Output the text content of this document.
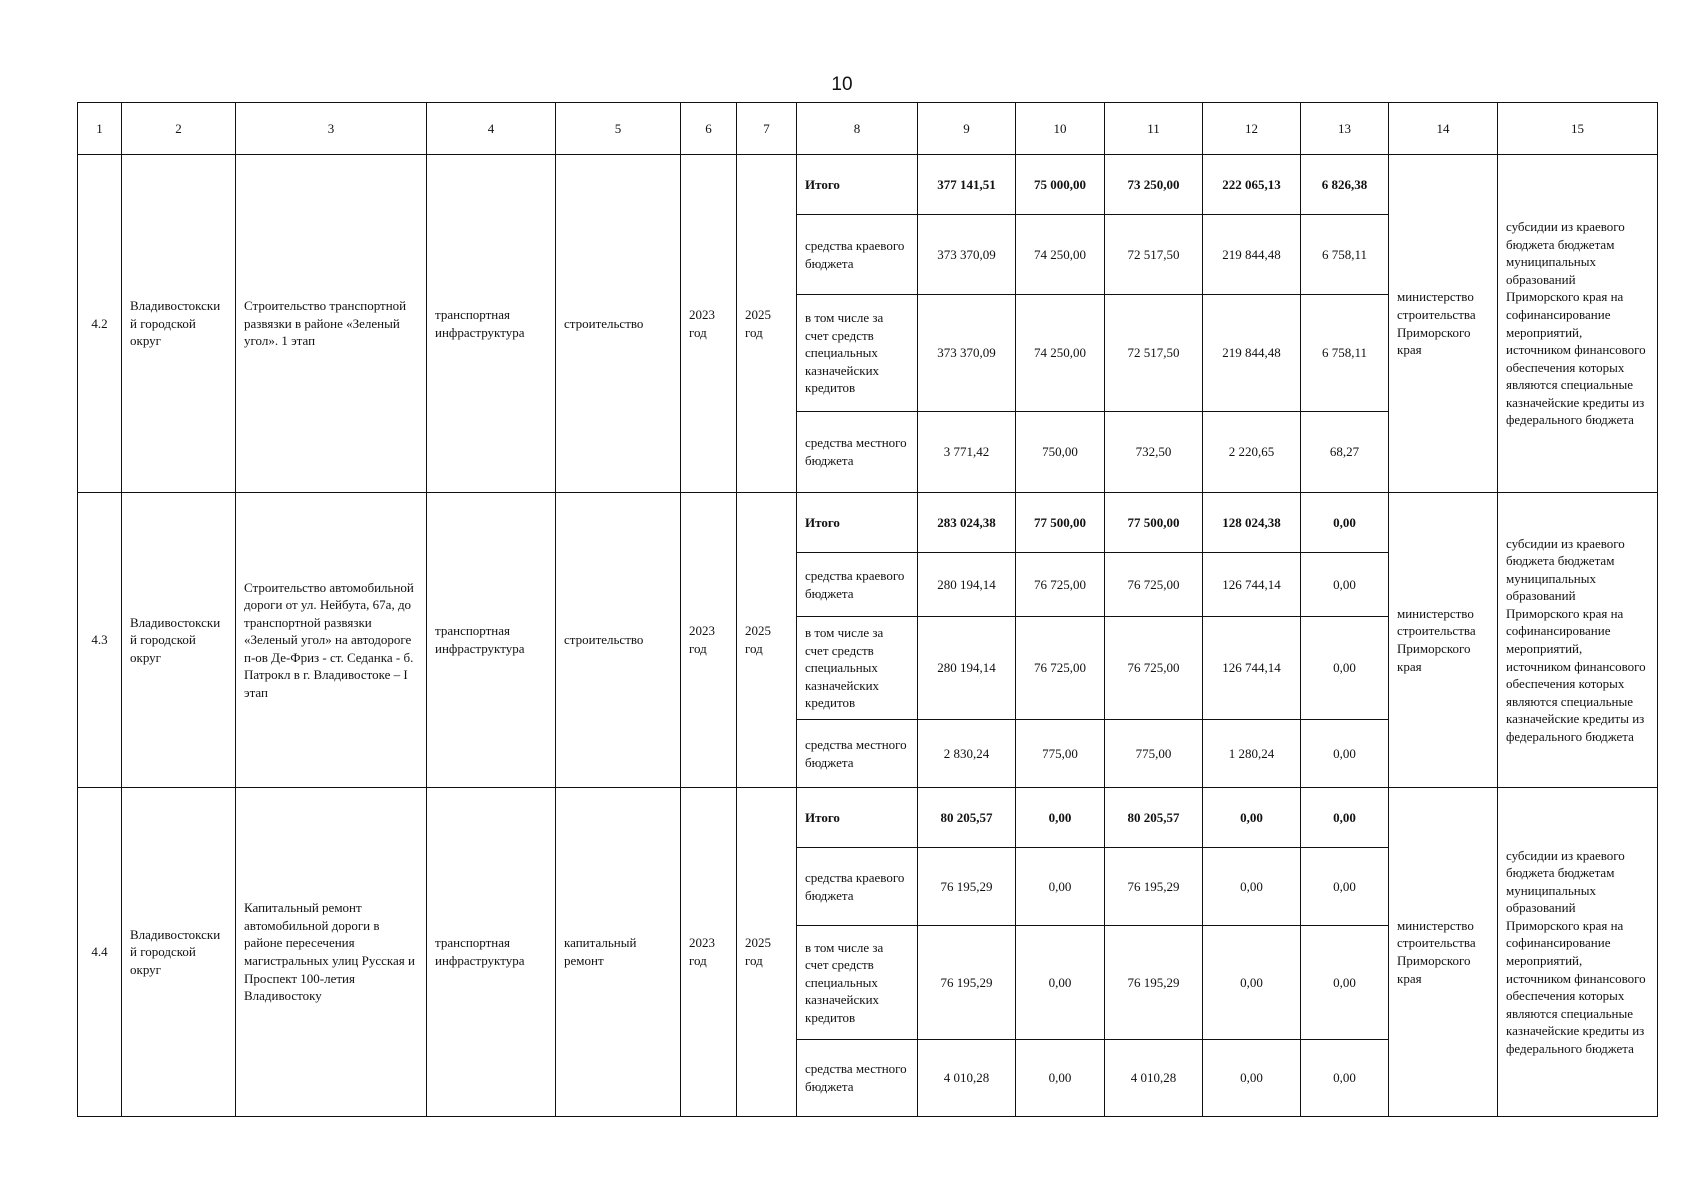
10
1	2	3	4	5	6	7	8	9	10	11	12	13	14	15
4.2	Владивостокский городской округ	Строительство транспортной развязки в районе «Зеленый угол». 1 этап	транспортная инфраструктура	строительство	2023 год	2025 год	Итого	377 141,51	75 000,00	73 250,00	222 065,13	6 826,38	министерство строительства Приморского края	субсидии из краевого бюджета бюджетам муниципальных образований Приморского края на софинансирование мероприятий, источником финансового обеспечения которых являются специальные казначейские кредиты из федерального бюджета
							средства краевого бюджета	373 370,09	74 250,00	72 517,50	219 844,48	6 758,11		
							в том числе за счет средств специальных казначейских кредитов	373 370,09	74 250,00	72 517,50	219 844,48	6 758,11		
							средства местного бюджета	3 771,42	750,00	732,50	2 220,65	68,27		
4.3	Владивостокский городской округ	Строительство автомобильной дороги от ул. Нейбута, 67а, до транспортной развязки «Зеленый угол» на автодороге п-ов Де-Фриз - ст. Седанка - б. Патрокл в г. Владивостоке – I этап	транспортная инфраструктура	строительство	2023 год	2025 год	Итого	283 024,38	77 500,00	77 500,00	128 024,38	0,00	министерство строительства Приморского края	субсидии из краевого бюджета бюджетам муниципальных образований Приморского края на софинансирование мероприятий, источником финансового обеспечения которых являются специальные казначейские кредиты из федерального бюджета
							средства краевого бюджета	280 194,14	76 725,00	76 725,00	126 744,14	0,00		
							в том числе за счет средств специальных казначейских кредитов	280 194,14	76 725,00	76 725,00	126 744,14	0,00		
							средства местного бюджета	2 830,24	775,00	775,00	1 280,24	0,00		
4.4	Владивостокский городской округ	Капитальный ремонт автомобильной дороги в районе пересечения магистральных улиц Русская и Проспект 100-летия Владивостоку	транспортная инфраструктура	капитальный ремонт	2023 год	2025 год	Итого	80 205,57	0,00	80 205,57	0,00	0,00	министерство строительства Приморского края	субсидии из краевого бюджета бюджетам муниципальных образований Приморского края на софинансирование мероприятий, источником финансового обеспечения которых являются специальные казначейские кредиты из федерального бюджета
							средства краевого бюджета	76 195,29	0,00	76 195,29	0,00	0,00		
							в том числе за счет средств специальных казначейских кредитов	76 195,29	0,00	76 195,29	0,00	0,00		
							средства местного бюджета	4 010,28	0,00	4 010,28	0,00	0,00		
